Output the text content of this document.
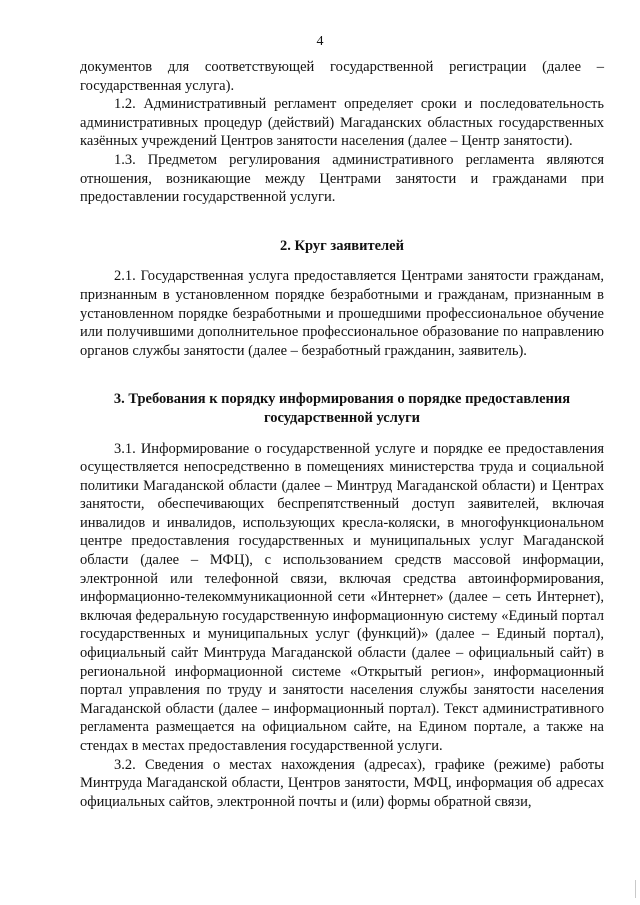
4

документов для соответствующей государственной регистрации (далее – государственная услуга).

1.2. Административный регламент определяет сроки и последовательность административных процедур (действий) Магаданских областных государственных казённых учреждений Центров занятости населения (далее – Центр занятости).

1.3. Предметом регулирования административного регламента являются отношения, возникающие между Центрами занятости и гражданами при предоставлении государственной услуги.

2. Круг заявителей

2.1. Государственная услуга предоставляется Центрами занятости гражданам, признанным в установленном порядке безработными и гражданам, признанным в установленном порядке безработными и прошедшими профессиональное обучение или получившими дополнительное профессиональное образование по направлению органов службы занятости (далее – безработный гражданин, заявитель).

3. Требования к порядку информирования о порядке предоставления

государственной услуги

3.1. Информирование о государственной услуге и порядке ее предоставления осуществляется непосредственно в помещениях министерства труда и социальной политики Магаданской области (далее – Минтруд Магаданской области) и Центрах занятости, обеспечивающих беспрепятственный доступ заявителей, включая инвалидов и инвалидов, использующих кресла-коляски, в многофункциональном центре предоставления государственных и муниципальных услуг Магаданской области (далее – МФЦ), с использованием средств массовой информации, электронной или телефонной связи, включая средства автоинформирования, информационно-телекоммуникационной сети «Интернет» (далее – сеть Интернет), включая федеральную государственную информационную систему «Единый портал государственных и муниципальных услуг (функций)» (далее – Единый портал), официальный сайт Минтруда Магаданской области (далее – официальный сайт) в региональной информационной системе «Открытый регион», информационный портал управления по труду и занятости населения службы занятости населения Магаданской области (далее – информационный портал). Текст административного регламента размещается на официальном сайте, на Едином портале, а также на стендах в местах предоставления государственной услуги.

3.2. Сведения о местах нахождения (адресах), графике (режиме) работы Минтруда Магаданской области, Центров занятости, МФЦ, информация об адресах официальных сайтов, электронной почты и (или) формы обратной связи,
